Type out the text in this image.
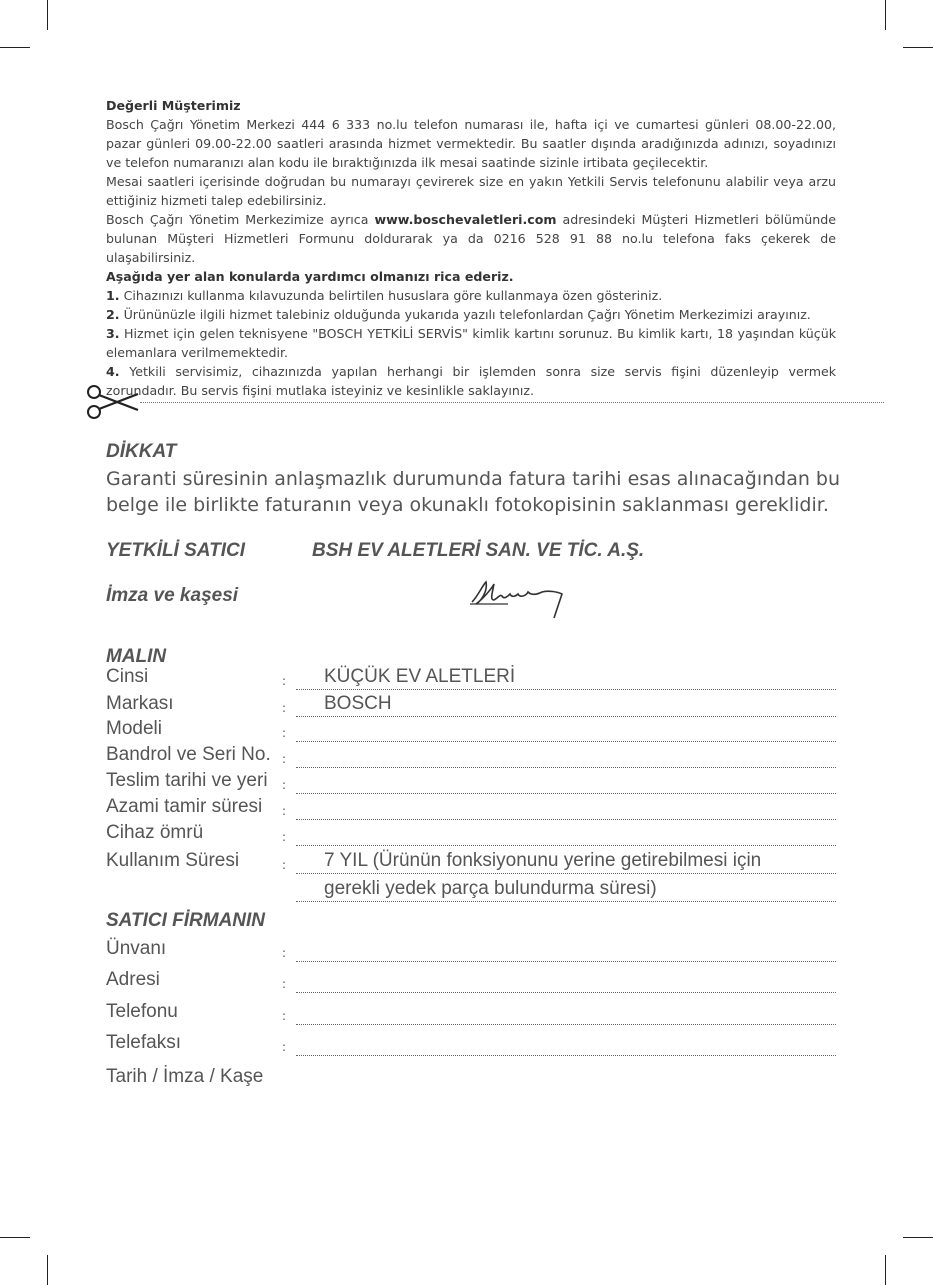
Değerli Müşterimiz

Bosch Çağrı Yönetim Merkezi 444 6 333 no.lu telefon numarası ile, hafta içi ve cumartesi günleri 08.00-22.00, pazar günleri 09.00-22.00 saatleri arasında hizmet vermektedir. Bu saatler dışında aradığınızda adınızı, soyadınızı ve telefon numaranızı alan kodu ile bıraktığınızda ilk mesai saatinde sizinle irtibata geçilecektir.

Mesai saatleri içerisinde doğrudan bu numarayı çevirerek size en yakın Yetkili Servis telefonunu alabilir veya arzu ettiğiniz hizmeti talep edebilirsiniz.

Bosch Çağrı Yönetim Merkezimize ayrıca www.boschevaletleri.com adresindeki Müşteri Hizmetleri bölümünde bulunan Müşteri Hizmetleri Formunu doldurarak ya da 0216 528 91 88 no.lu telefona faks çekerek de ulaşabilirsiniz.

Aşağıda yer alan konularda yardımcı olmanızı rica ederiz.

1. Cihazınızı kullanma kılavuzunda belirtilen hususlara göre kullanmaya özen gösteriniz.

2. Ürününüzle ilgili hizmet talebiniz olduğunda yukarıda yazılı telefonlardan Çağrı Yönetim Merkezimizi arayınız.

3. Hizmet için gelen teknisyene "BOSCH YETKİLİ SERVİS" kimlik kartını sorunuz. Bu kimlik kartı, 18 yaşından küçük elemanlara verilmemektedir.

4. Yetkili servisimiz, cihazınızda yapılan herhangi bir işlemden sonra size servis fişini düzenleyip vermek zorundadır. Bu servis fişini mutlaka isteyiniz ve kesinlikle saklayınız.

DİKKAT
Garanti süresinin anlaşmazlık durumunda fatura tarihi esas alınacağından bu belge ile birlikte faturanın veya okunaklı fotokopisinin saklanması gereklidir.
YETKİLİ SATICI	BSH EV ALETLERİ SAN. VE TİC. A.Ş.
İmza ve kaşesi
MALIN
Cinsi	: KÜÇÜK EV ALETLERİ
Markası	: BOSCH
Modeli	:
Bandrol ve Seri No. :
Teslim tarihi ve yeri :
Azami tamir süresi :
Cihaz ömrü	:
Kullanım Süresi	: 7 YIL (Ürünün fonksiyonunu yerine getirebilmesi için
gerekli yedek parça bulundurma süresi)
SATICI FİRMANIN
Ünvanı	:
Adresi	:
Telefonu	:
Telefaksı	:
Tarih / İmza / Kaşe
